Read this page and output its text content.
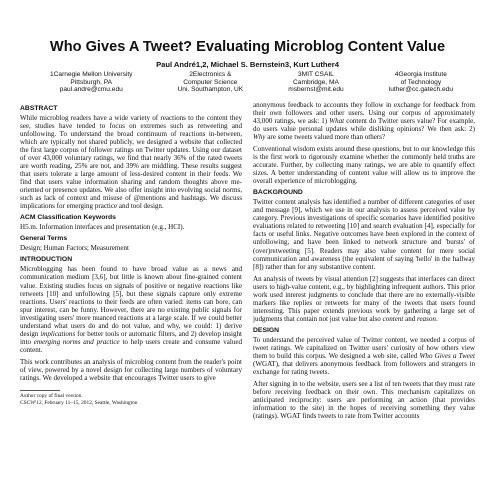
Who Gives A Tweet? Evaluating Microblog Content Value
Paul André1,2, Michael S. Bernstein3, Kurt Luther4
1Carnegie Mellon University
Pittsburgh, PA
paul.andre@cmu.edu
2Electronics &
Computer Science
Uni. Southampton, UK
3MIT CSAIL
Cambridge, MA
msbernst@mit.edu
4Georgia Institute
of Technology
luther@cc.gatech.edu
ABSTRACT

While microblog readers have a wide variety of reactions to the content they see, studies have tended to focus on extremes such as retweeting and unfollowing. To understand the broad continuum of reactions in-between, which are typically not shared publicly, we designed a website that collected the first large corpus of follower ratings on Twitter updates. Using our dataset of over 43,000 voluntary ratings, we find that nearly 36% of the rated tweets are worth reading, 25% are not, and 39% are middling. These results suggest that users tolerate a large amount of less-desired content in their feeds. We find that users value information sharing and random thoughts above me-oriented or presence updates. We also offer insight into evolving social norms, such as lack of context and misuse of @mentions and hashtags. We discuss implications for emerging practice and tool design.

ACM Classification Keywords

H5.m. Information interfaces and presentation (e.g., HCI).

General Terms

Design; Human Factors; Measurement

INTRODUCTION

Microblogging has been found to have broad value as a news and communication medium [3,6], but little is known about fine-grained content value. Existing studies focus on signals of positive or negative reactions like retweets [10] and unfollowing [5], but these signals capture only extreme reactions. Users' reactions to their feeds are often varied: items can bore, can spur interest, can be funny. However, there are no existing public signals for investigating users' more nuanced reactions at a large scale. If we could better understand what users do and do not value, and why, we could: 1) derive design implications for better tools or automatic filters, and 2) develop insight into emerging norms and practice to help users create and consume valued content.

This work contributes an analysis of microblog content from the reader's point of view, powered by a novel design for collecting large numbers of voluntary ratings. We developed a website that encourages Twitter users to give

Author copy of final version.
CSCW'12, February 11–15, 2012, Seattle, Washington

anonymous feedback to accounts they follow in exchange for feedback from their own followers and other users. Using our corpus of approximately 43,000 ratings, we ask: 1) What content do Twitter users value? For example, do users value personal updates while disliking opinions? We then ask: 2) Why are some tweets valued more than others?

Conventional wisdom exists around these questions, but to our knowledge this is the first work to rigorously examine whether the commonly held truths are accurate. Further, by collecting many ratings, we are able to quantify effect sizes. A better understanding of content value will allow us to improve the overall experience of microblogging.

BACKGROUND

Twitter content analysis has identified a number of different categories of user and message [9], which we use in our analysis to assess perceived value by category. Previous investigations of specific scenarios have identified positive evaluations related to retweeting [10] and search evaluation [4], especially for facts or useful links. Negative outcomes have been explored in the context of unfollowing, and have been linked to network structure and 'bursts' of (over)retweeting [5]. Readers may also value content for mere social communication and awareness (the equivalent of saying 'hello' in the hallway [8]) rather than for any substantive content.

An analysis of tweets by visual attention [2] suggests that interfaces can direct users to high-value content, e.g., by highlighting infrequent authors. This prior work used interest judgments to conclude that there are no externally-visible markers like replies or retweets for many of the tweets that users found interesting. This paper extends previous work by gathering a large set of judgments that contain not just value but also content and reason.

DESIGN

To understand the perceived value of Twitter content, we needed a corpus of tweet ratings. We capitalized on Twitter users' curiosity of how others view them to build this corpus. We designed a web site, called Who Gives a Tweet (WGAT), that delivers anonymous feedback from followers and strangers in exchange for rating tweets.

After signing in to the website, users see a list of ten tweets that they must rate before receiving feedback on their own. This mechanism capitalizes on anticipated reciprocity: users are performing an action (that provides information to the site) in the hopes of receiving something they value (ratings). WGAT finds tweets to rate from Twitter accounts
